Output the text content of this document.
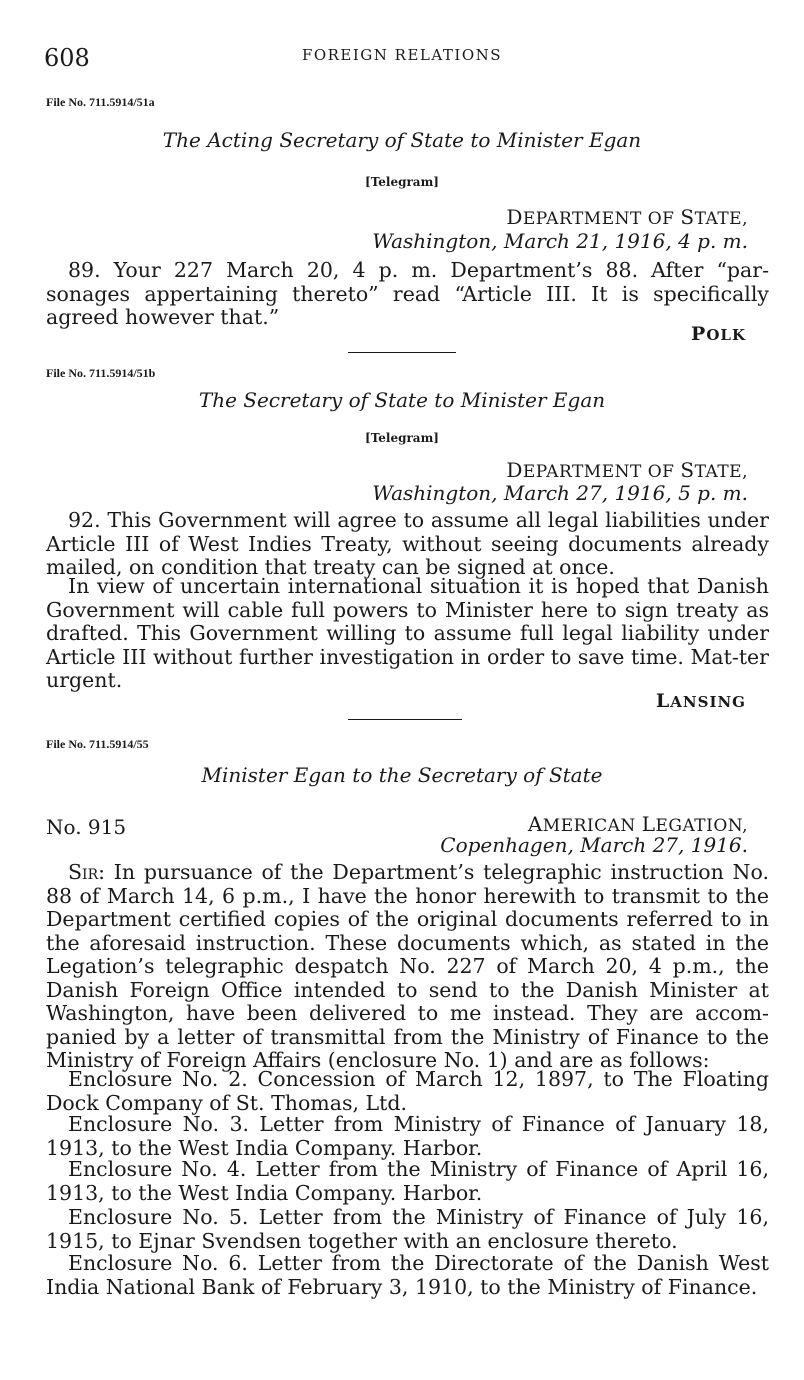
608	FOREIGN RELATIONS
File No. 711.5914/51a
The Acting Secretary of State to Minister Egan
[Telegram]
DEPARTMENT OF STATE,
Washington, March 21, 1916, 4 p. m.
89. Your 227 March 20, 4 p. m. Department’s 88. After “par-sonages appertaining thereto” read “Article III. It is specifically agreed however that.”
POLK
File No. 711.5914/51b
The Secretary of State to Minister Egan
[Telegram]
DEPARTMENT OF STATE,
Washington, March 27, 1916, 5 p. m.
92. This Government will agree to assume all legal liabilities under Article III of West Indies Treaty, without seeing documents already mailed, on condition that treaty can be signed at once.
In view of uncertain international situation it is hoped that Danish Government will cable full powers to Minister here to sign treaty as drafted. This Government willing to assume full legal liability under Article III without further investigation in order to save time. Mat-ter urgent.
LANSING
File No. 711.5914/55
Minister Egan to the Secretary of State
No. 915	AMERICAN LEGATION,
Copenhagen, March 27, 1916.
Sir: In pursuance of the Department’s telegraphic instruction No. 88 of March 14, 6 p.m., I have the honor herewith to transmit to the Department certified copies of the original documents referred to in the aforesaid instruction. These documents which, as stated in the Legation’s telegraphic despatch No. 227 of March 20, 4 p.m., the Danish Foreign Office intended to send to the Danish Minister at Washington, have been delivered to me instead. They are accom-panied by a letter of transmittal from the Ministry of Finance to the Ministry of Foreign Affairs (enclosure No. 1) and are as follows:
Enclosure No. 2. Concession of March 12, 1897, to The Floating Dock Company of St. Thomas, Ltd.
Enclosure No. 3. Letter from Ministry of Finance of January 18, 1913, to the West India Company. Harbor.
Enclosure No. 4. Letter from the Ministry of Finance of April 16, 1913, to the West India Company. Harbor.
Enclosure No. 5. Letter from the Ministry of Finance of July 16, 1915, to Ejnar Svendsen together with an enclosure thereto.
Enclosure No. 6. Letter from the Directorate of the Danish West India National Bank of February 3, 1910, to the Ministry of Finance.
